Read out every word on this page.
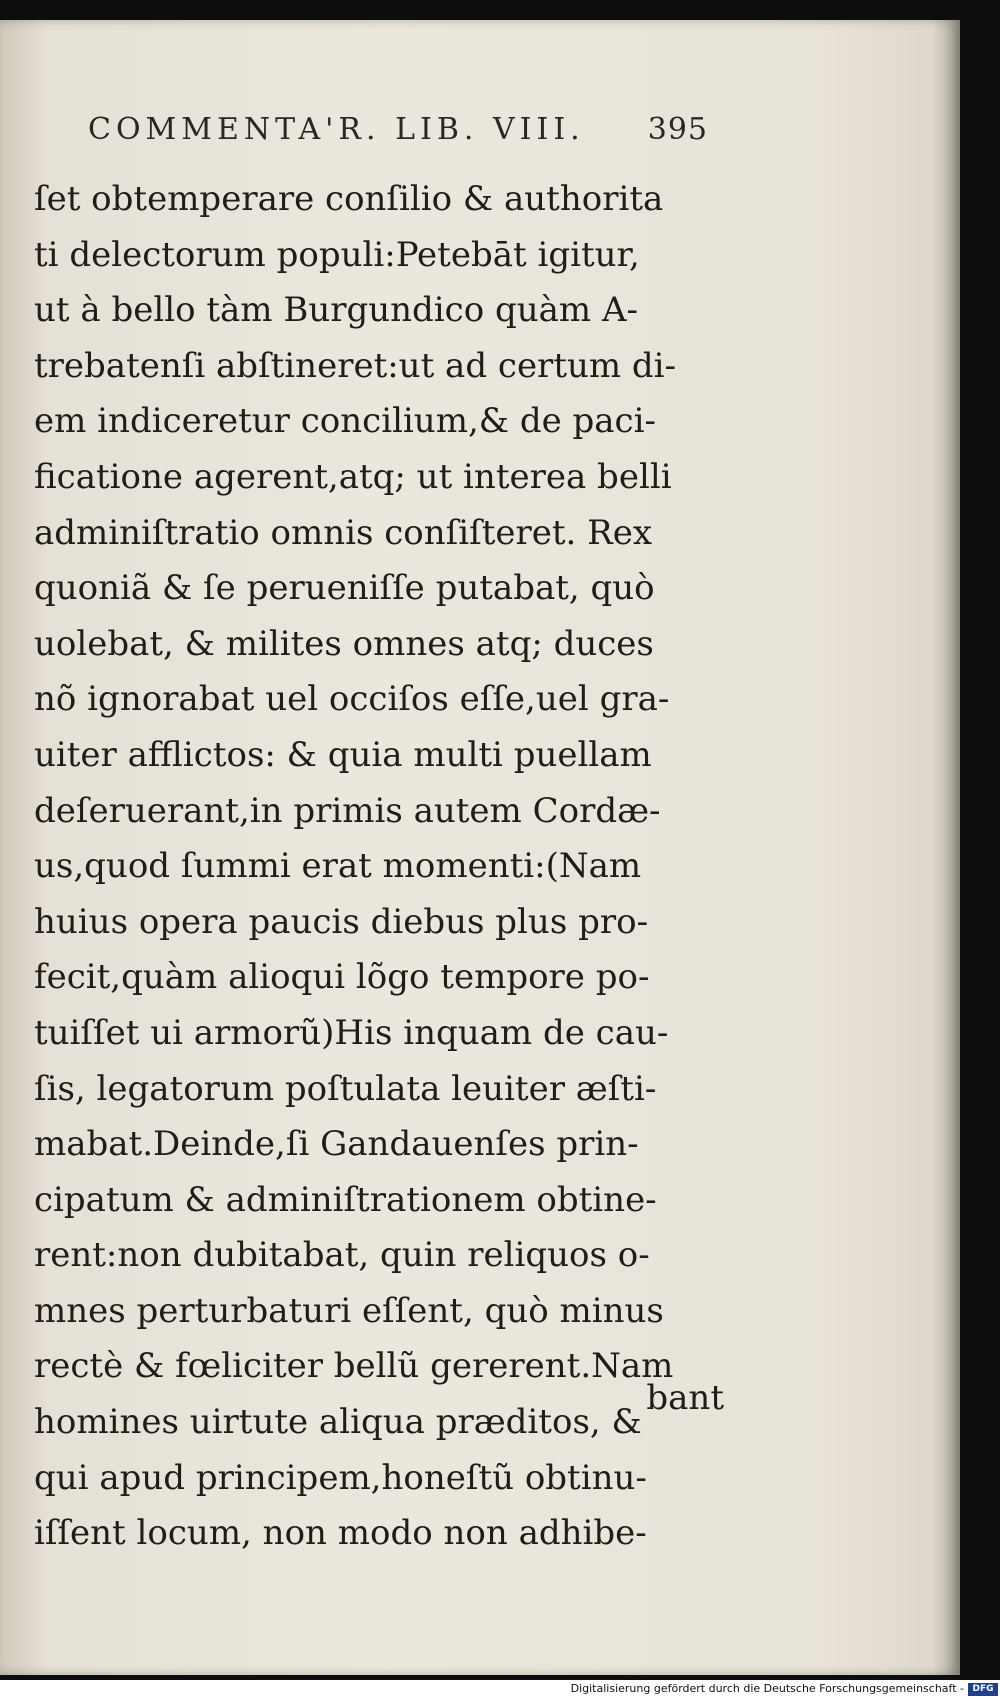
COMMENTA'R. LIB. VIII. 395
ſet obtemperare conſilio & authorita
ti delectorum populi:Petebāt igitur,
ut à bello tàm Burgundico quàm A-
trebatenſi abſtineret:ut ad certum di-
em indiceretur concilium,& de paci-
ficatione agerent,atq; ut interea belli
adminiſtratio omnis conſiſteret. Rex
quoniã & ſe perueniſſe putabat, quò
uolebat, & milites omnes atq; duces
nõ ignorabat uel occiſos eſſe,uel gra-
uiter afflictos: & quia multi puellam
deſeruerant,in primis autem Cordæ-
us,quod ſummi erat momenti:(Nam
huius opera paucis diebus plus pro-
fecit,quàm alioqui lõgo tempore po-
tuiſſet ui armorũ)His inquam de cau-
ſis, legatorum poſtulata leuiter æſti-
mabat.Deinde,ſi Gandauenſes prin-
cipatum & adminiſtrationem obtine-
rent:non dubitabat, quin reliquos o-
mnes perturbaturi eſſent, quò minus
rectè & fœliciter bellũ gererent.Nam
homines uirtute aliqua præditos, &
qui apud principem,honeſtũ obtinu-
iſſent locum, non modo non adhibe-
bant
Digitalisierung gefördert durch die Deutsche Forschungsgemeinschaft - DFG
